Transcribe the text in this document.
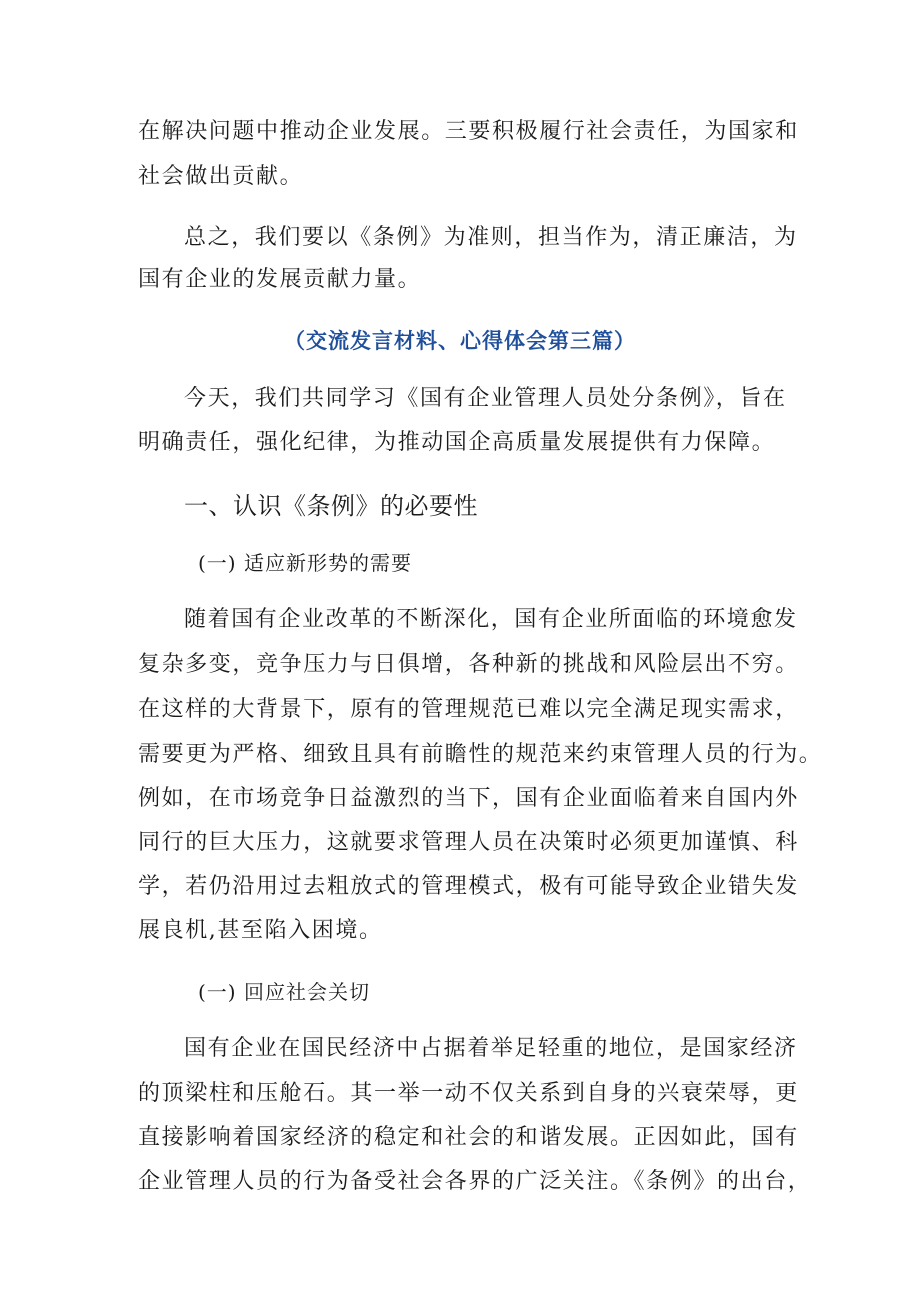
在解决问题中推动企业发展。三要积极履行社会责任，为国家和
社会做出贡献。
总之，我们要以《条例》为准则，担当作为，清正廉洁，为
国有企业的发展贡献力量。
（交流发言材料、心得体会第三篇）
今天，我们共同学习《国有企业管理人员处分条例》，旨在
明确责任，强化纪律，为推动国企高质量发展提供有力保障。
一、认识《条例》的必要性
(一) 适应新形势的需要
随着国有企业改革的不断深化，国有企业所面临的环境愈发
复杂多变，竞争压力与日俱增，各种新的挑战和风险层出不穷。
在这样的大背景下，原有的管理规范已难以完全满足现实需求，
需要更为严格、细致且具有前瞻性的规范来约束管理人员的行为。
例如，在市场竞争日益激烈的当下，国有企业面临着来自国内外
同行的巨大压力，这就要求管理人员在决策时必须更加谨慎、科
学，若仍沿用过去粗放式的管理模式，极有可能导致企业错失发
展良机,甚至陷入困境。
(一) 回应社会关切
国有企业在国民经济中占据着举足轻重的地位，是国家经济
的顶梁柱和压舱石。其一举一动不仅关系到自身的兴衰荣辱，更
直接影响着国家经济的稳定和社会的和谐发展。正因如此，国有
企业管理人员的行为备受社会各界的广泛关注。《条例》的出台，
